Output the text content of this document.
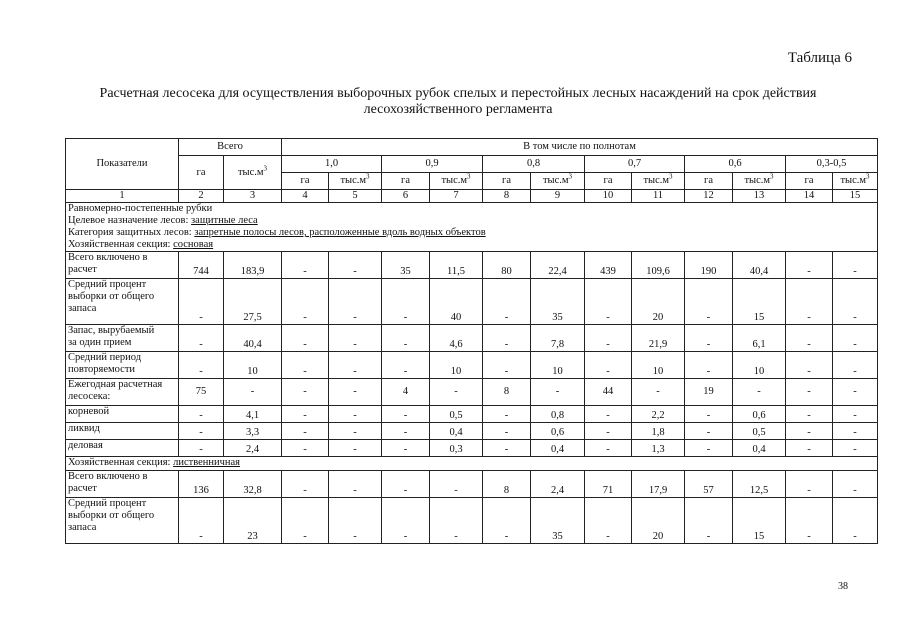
Таблица 6
Расчетная лесосека для осуществления выборочных рубок спелых и перестойных лесных насаждений на срок действия
лесохозяйственного регламента
Показатели	Всего		В том числе по полнотам											
	га	$тыс.м^3$	1,0		0,9		0,8		0,7		0,6		0,3-0,5	
			га	$тыс.м^3$	га	$тыс.м^3$	га	$тыс.м^3$	га	$тыс.м^3$	га	$тыс.м^3$	га	$тыс.м^3$
1	2	3	4	5	6	7	8	9	10	11	12	13	14	15

Равномерно-постепенные рубки
Целевое назначение лесов: защитные леса
Категория защитных лесов: запретные полосы лесов, расположенные вдоль водных объектов
Хозяйственная секция: сосновая														

Всего включено в
расчет	744	183,9	-	-	35	11,5	80	22,4	439	109,6	190	40,4	-	-

Средний процент
выборки от общего
запаса	-	27,5	-	-	-	40	-	35	-	20	-	15	-	-

Запас, вырубаемый
за один прием	-	40,4	-	-	-	4,6	-	7,8	-	21,9	-	6,1	-	-

Средний период
повторяемости	-	10	-	-	-	10	-	10	-	10	-	10	-	-

Ежегодная расчетная
лесосека:	75	-	-	-	4	-	8	-	44	-	19	-	-	-

корневой	-	4,1	-	-	-	0,5	-	0,8	-	2,2	-	0,6	-	-

ликвид	-	3,3	-	-	-	0,4	-	0,6	-	1,8	-	0,5	-	-

деловая	-	2,4	-	-	-	0,3	-	0,4	-	1,3	-	0,4	-	-
Хозяйственная секция: лиственничная														

Всего включено в
расчет	136	32,8	-	-	-	-	8	2,4	71	17,9	57	12,5	-	-

Средний процент
выборки от общего
запаса	-	23	-	-	-	-	-	35	-	20	-	15	-	-
38
